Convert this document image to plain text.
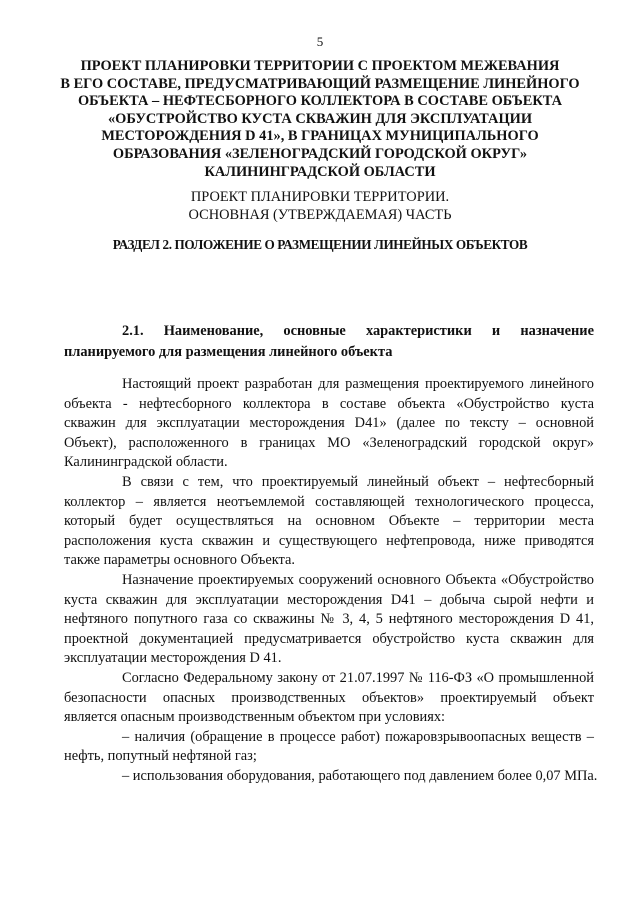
5
ПРОЕКТ ПЛАНИРОВКИ ТЕРРИТОРИИ С ПРОЕКТОМ МЕЖЕВАНИЯ
В ЕГО СОСТАВЕ, ПРЕДУСМАТРИВАЮЩИЙ РАЗМЕЩЕНИЕ ЛИНЕЙНОГО
ОБЪЕКТА – НЕФТЕСБОРНОГО КОЛЛЕКТОРА В СОСТАВЕ ОБЪЕКТА
«ОБУСТРОЙСТВО КУСТА СКВАЖИН ДЛЯ ЭКСПЛУАТАЦИИ
МЕСТОРОЖДЕНИЯ D 41», В ГРАНИЦАХ МУНИЦИПАЛЬНОГО
ОБРАЗОВАНИЯ «ЗЕЛЕНОГРАДСКИЙ ГОРОДСКОЙ ОКРУГ»
КАЛИНИНГРАДСКОЙ ОБЛАСТИ
ПРОЕКТ ПЛАНИРОВКИ ТЕРРИТОРИИ.
ОСНОВНАЯ (УТВЕРЖДАЕМАЯ) ЧАСТЬ
РАЗДЕЛ 2. ПОЛОЖЕНИЕ О РАЗМЕЩЕНИИ ЛИНЕЙНЫХ ОБЪЕКТОВ
2.1. Наименование, основные характеристики и назначение
планируемого для размещения линейного объекта
Настоящий проект разработан для размещения проектируемого линейного
объекта - нефтесборного коллектора в составе объекта «Обустройство куста
скважин для эксплуатации месторождения D41» (далее по тексту – основной
Объект), расположенного в границах МО «Зеленоградский городской округ»
Калининградской области.
В связи с тем, что проектируемый линейный объект – нефтесборный
коллектор – является неотъемлемой составляющей технологического процесса,
который будет осуществляться на основном Объекте – территории места
расположения куста скважин и существующего нефтепровода, ниже приводятся
также параметры основного Объекта.
Назначение проектируемых сооружений основного Объекта «Обустройство
куста скважин для эксплуатации месторождения D41 – добыча сырой нефти и
нефтяного попутного газа со скважины № 3, 4, 5 нефтяного месторождения D 41,
проектной документацией предусматривается обустройство куста скважин для
эксплуатации месторождения D 41.
Согласно Федеральному закону от 21.07.1997 № 116-ФЗ «О промышленной
безопасности опасных производственных объектов» проектируемый объект
является опасным производственным объектом при условиях:
– наличия (обращение в процессе работ) пожаровзрывоопасных веществ –
нефть, попутный нефтяной газ;
– использования оборудования, работающего под давлением более 0,07 МПа.
